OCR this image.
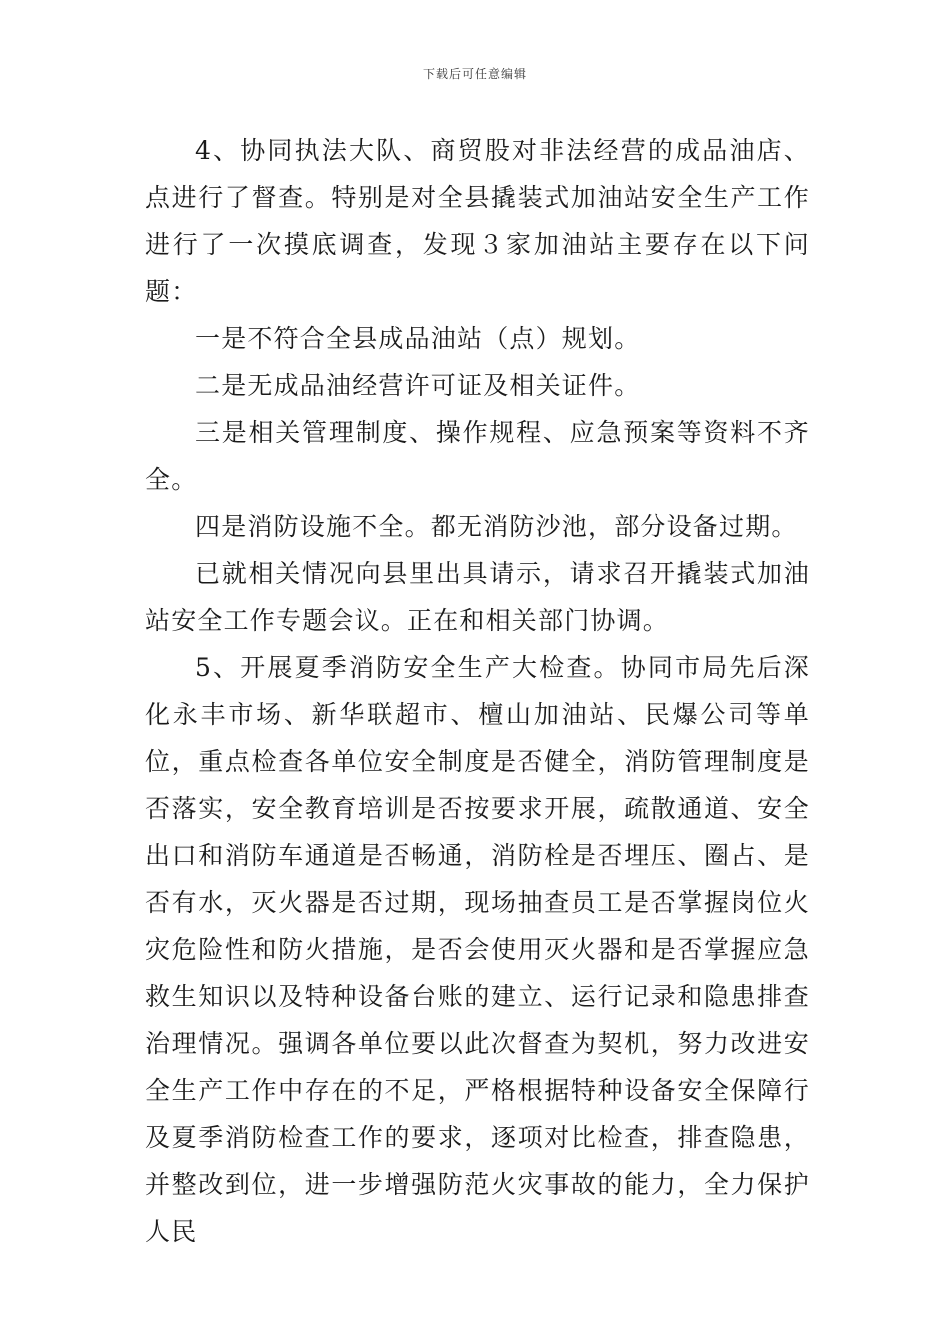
下载后可任意编辑

4、协同执法大队、商贸股对非法经营的成品油店、点进行了督查。特别是对全县撬装式加油站安全生产工作进行了一次摸底调查，发现３家加油站主要存在以下问题：

一是不符合全县成品油站（点）规划。

二是无成品油经营许可证及相关证件。

三是相关管理制度、操作规程、应急预案等资料不齐全。

四是消防设施不全。都无消防沙池，部分设备过期。

已就相关情况向县里出具请示，请求召开撬装式加油站安全工作专题会议。正在和相关部门协调。

5、开展夏季消防安全生产大检查。协同市局先后深化永丰市场、新华联超市、檀山加油站、民爆公司等单位，重点检查各单位安全制度是否健全，消防管理制度是否落实，安全教育培训是否按要求开展，疏散通道、安全出口和消防车通道是否畅通，消防栓是否埋压、圈占、是否有水，灭火器是否过期，现场抽查员工是否掌握岗位火灾危险性和防火措施，是否会使用灭火器和是否掌握应急救生知识以及特种设备台账的建立、运行记录和隐患排查治理情况。强调各单位要以此次督查为契机，努力改进安全生产工作中存在的不足，严格根据特种设备安全保障行及夏季消防检查工作的要求，逐项对比检查，排查隐患，并整改到位，进一步增强防范火灾事故的能力，全力保护人民
